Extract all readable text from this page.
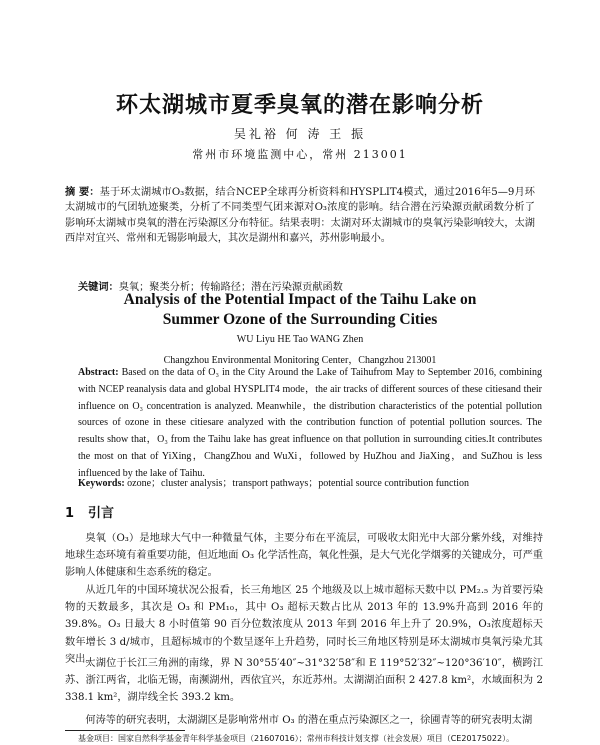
环太湖城市夏季臭氧的潜在影响分析
吴礼裕 何 涛 王 振
常州市环境监测中心，常州 213001
摘 要：基于环太湖城市O₃数据，结合NCEP全球再分析资料和HYSPLIT4模式，通过2016年5—9月环太湖城市的气团轨迹聚类，分析了不同类型气团来源对O₃浓度的影响。结合潜在污染源贡献函数分析了影响环太湖城市臭氧的潜在污染源区分布特征。结果表明：太湖对环太湖城市的臭氧污染影响较大，太湖西岸对宜兴、常州和无锡影响最大，其次是湖州和嘉兴，苏州影响最小。
关键词：臭氧；聚类分析；传输路径；潜在污染源贡献函数
Analysis of the Potential Impact of the Taihu Lake on
Summer Ozone of the Surrounding Cities
WU Liyu HE Tao WANG Zhen
Changzhou Environmental Monitoring Center，Changzhou 213001
Abstract: Based on the data of O₃ in the City Around the Lake of Taihufrom May to September 2016, combining with NCEP reanalysis data and global HYSPLIT4 mode，the air tracks of different sources of these citiesand their influence on O₃ concentration is analyzed. Meanwhile，the distribution characteristics of the potential pollution sources of ozone in these citiesare analyzed with the contribution function of potential pollution sources. The results show that，O₃ from the Taihu lake has great influence on that pollution in surrounding cities.It contributes the most on that of YiXing，ChangZhou and WuXi，followed by HuZhou and JiaXing，and SuZhou is less influenced by the lake of Taihu.
Keywords: ozone；cluster analysis；transport pathways；potential source contribution function
1 引言
臭氧（O₃）是地球大气中一种微量气体，主要分布在平流层，可吸收太阳光中大部分紫外线，对维持地球生态环境有着重要功能，但近地面 O₃ 化学活性高，氧化性强，是大气光化学烟雾的关键成分，可严重影响人体健康和生态系统的稳定。
从近几年的中国环境状况公报看，长三角地区 25 个地级及以上城市超标天数中以 PM₂.₅ 为首要污染物的天数最多，其次是 O₃ 和 PM₁₀，其中 O₃ 超标天数占比从 2013 年的 13.9%升高到 2016 年的 39.8%。O₃ 日最大 8 小时值第 90 百分位数浓度从 2013 年到 2016 年上升了 20.9%，O₃浓度超标天数年增长 3 d/城市，且超标城市的个数呈逐年上升趋势，同时长三角地区特别是环太湖城市臭氧污染尤其突出。
太湖位于长江三角洲的南缘，界 N 30°55′40″~31°32′58″和 E 119°52′32″~120°36′10″，横跨江苏、浙江两省，北临无锡，南濒湖州，西依宜兴，东近苏州。太湖湖泊面积 2 427.8 km²，水域面积为 2 338.1 km²，湖岸线全长 393.2 km。
何涛等的研究表明，太湖湖区是影响常州市 O₃ 的潜在重点污染源区之一，徐圃青等的研究表明太湖
基金项目：国家自然科学基金青年科学基金项目（21607016）；常州市科技计划支撑（社会发展）项目（CE20175022）。
